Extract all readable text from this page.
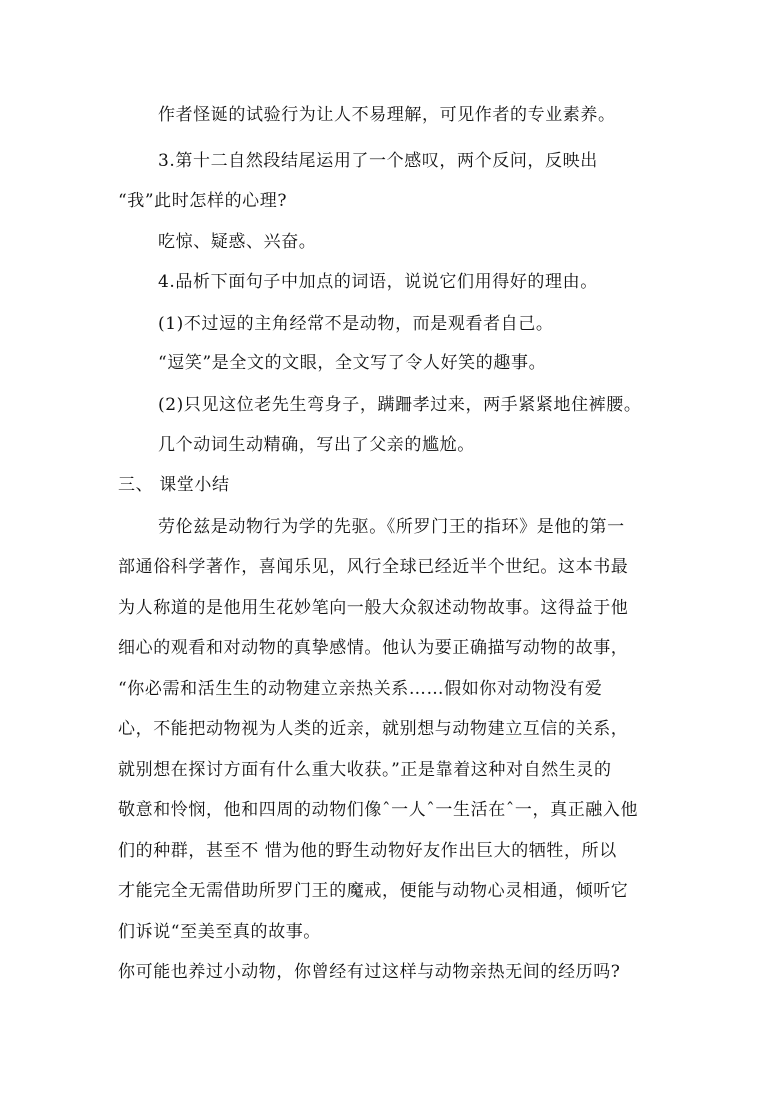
作者怪诞的试验行为让人不易理解，可见作者的专业素养。
3.第十二自然段结尾运用了一个感叹，两个反问，反映出
“我”此时怎样的心理?
吃惊、疑惑、兴奋。
4.品析下面句子中加点的词语，说说它们用得好的理由。
(1)不过逗的主角经常不是动物，而是观看者自己。
“逗笑”是全文的文眼，全文写了令人好笑的趣事。
(2)只见这位老先生弯身子，蹒跚孝过来，两手紧紧地住裤腰。
几个动词生动精确，写出了父亲的尴尬。
三、 课堂小结
劳伦兹是动物行为学的先驱。《所罗门王的指环》是他的第一
部通俗科学著作，喜闻乐见，风行全球已经近半个世纪。这本书最
为人称道的是他用生花妙笔向一般大众叙述动物故事。这得益于他
细心的观看和对动物的真挚感情。他认为要正确描写动物的故事，
“你必需和活生生的动物建立亲热关系……假如你对动物没有爱
心，不能把动物视为人类的近亲，就别想与动物建立互信的关系，
就别想在探讨方面有什么重大收获。”正是靠着这种对自然生灵的
敬意和怜悯，他和四周的动物们像ˆ一人ˆ一生活在ˆ一，真正融入他
们的种群，甚至不 惜为他的野生动物好友作出巨大的牺牲，所以
才能完全无需借助所罗门王的魔戒，便能与动物心灵相通，倾听它
们诉说“至美至真的故事。
你可能也养过小动物，你曾经有过这样与动物亲热无间的经历吗?
